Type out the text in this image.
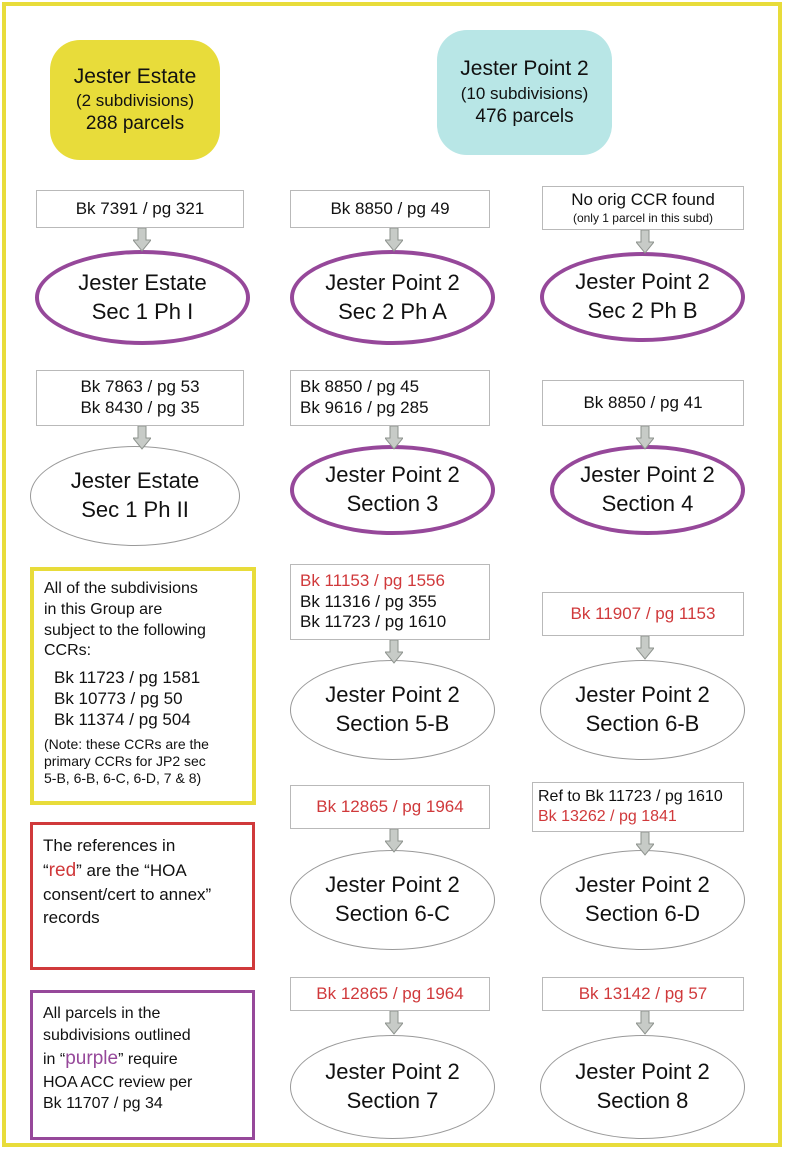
Jester Estate
(2 subdivisions)
288 parcels
Jester Point 2
(10 subdivisions)
476 parcels
Bk 7391 / pg 321	Bk 8850 / pg 49	No orig CCR found
(only 1 parcel in this subd)
Jester Estate
Sec 1 Ph I
Jester Point 2
Sec 2 Ph A
Jester Point 2
Sec 2 Ph B
Bk 7863 / pg 53
Bk 8430 / pg 35
Bk 8850 / pg 45
Bk 9616 / pg 285	Bk 8850 / pg 41
Jester Estate
Sec 1 Ph II
Jester Point 2
Section 3
Jester Point 2
Section 4
All of the subdivisions
in this Group are
subject to the following
CCRs:
Bk 11723 / pg 1581
Bk 10773 / pg 50
Bk 11374 / pg 504
(Note: these CCRs are the
primary CCRs for JP2 sec
5-B, 6-B, 6-C, 6-D, 7 & 8)
The references in
“red” are the “HOA
consent/cert to annex”
records
All parcels in the
subdivisions outlined
in “purple” require
HOA ACC review per
Bk 11707 / pg 34
Bk 11153 / pg 1556
Bk 11316 / pg 355
Bk 11723 / pg 1610	Bk 11907 / pg 1153
Jester Point 2
Section 5-B
Jester Point 2
Section 6-B
Bk 12865 / pg 1964	Ref to Bk 11723 / pg 1610
Bk 13262 / pg 1841
Jester Point 2
Section 6-C
Jester Point 2
Section 6-D
Bk 12865 / pg 1964	Bk 13142 / pg 57
Jester Point 2
Section 7
Jester Point 2
Section 8
